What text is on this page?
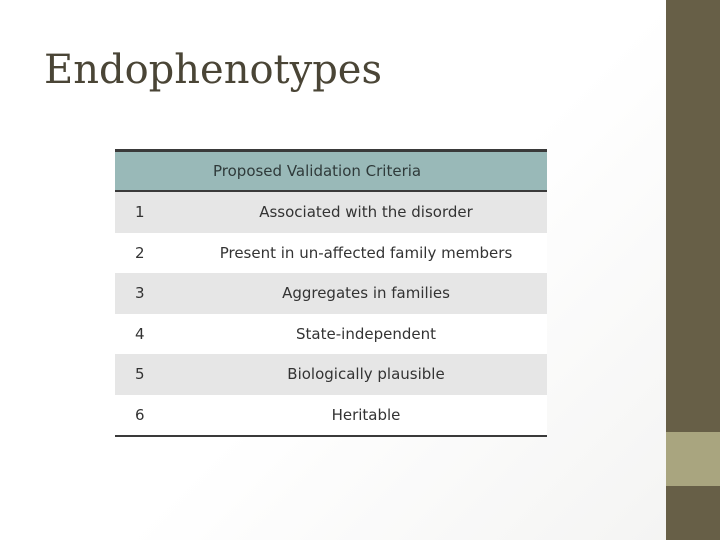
Endophenotypes
Proposed Validation Criteria	

1	Associated with the disorder
2	Present in un-affected family members
3	Aggregates in families
4	State-independent
5	Biologically plausible
6	Heritable
